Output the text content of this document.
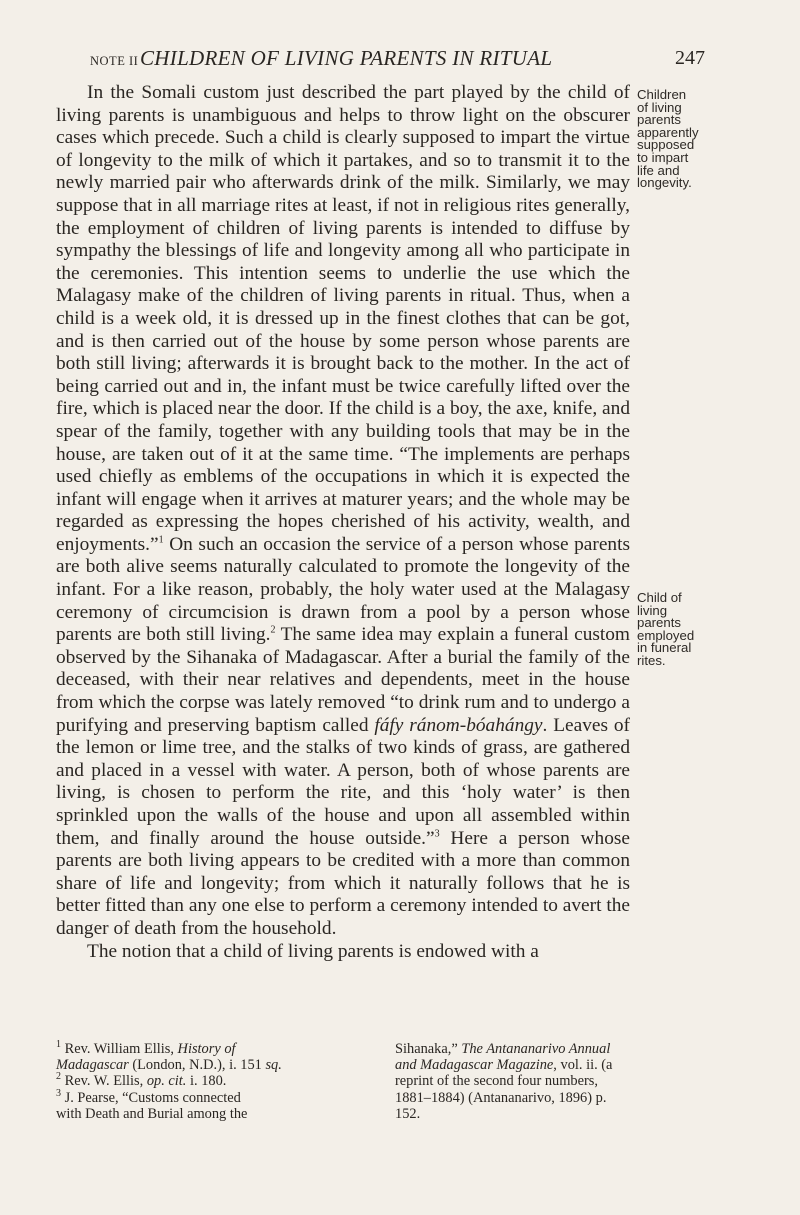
NOTE II CHILDREN OF LIVING PARENTS IN RITUAL	247

In the Somali custom just described the part played by the child of living parents is unambiguous and helps to throw light on the obscurer cases which precede. Such a child is clearly supposed to impart the virtue of longevity to the milk of which it partakes, and so to transmit it to the newly married pair who afterwards drink of the milk. Similarly, we may suppose that in all marriage rites at least, if not in religious rites generally, the employment of children of living parents is intended to diffuse by sympathy the blessings of life and longevity among all who participate in the ceremonies. This intention seems to underlie the use which the Malagasy make of the children of living parents in ritual. Thus, when a child is a week old, it is dressed up in the finest clothes that can be got, and is then carried out of the house by some person whose parents are both still living; afterwards it is brought back to the mother. In the act of being carried out and in, the infant must be twice carefully lifted over the fire, which is placed near the door. If the child is a boy, the axe, knife, and spear of the family, together with any building tools that may be in the house, are taken out of it at the same time. “The implements are perhaps used chiefly as emblems of the occupations in which it is expected the infant will engage when it arrives at maturer years; and the whole may be regarded as expressing the hopes cherished of his activity, wealth, and enjoyments.”$^1$ On such an occasion the service of a person whose parents are both alive seems naturally calculated to promote the longevity of the infant. For a like reason, probably, the holy water used at the Malagasy ceremony of circumcision is drawn from a pool by a person whose parents are both still living.$^2$ The same idea may explain a funeral custom observed by the Sihanaka of Madagascar. After a burial the family of the deceased, with their near relatives and dependents, meet in the house from which the corpse was lately removed “to drink rum and to undergo a purifying and preserving baptism called fáfy ránom-bóahángy. Leaves of the lemon or lime tree, and the stalks of two kinds of grass, are gathered and placed in a vessel with water. A person, both of whose parents are living, is chosen to perform the rite, and this ‘holy water’ is then sprinkled upon the walls of the house and upon all assembled within them, and finally around the house outside.”$^3$ Here a person whose parents are both living appears to be credited with a more than common share of life and longevity; from which it naturally follows that he is better fitted than any one else to perform a ceremony intended to avert the danger of death from the household.

The notion that a child of living parents is endowed with a

Children
of living
parents
apparently
supposed
to impart
life and
longevity.
Child of
living
parents
employed
in funeral
rites.
$^1$ Rev. William Ellis, History of
Madagascar (London, N.D.), i. 151 sq.
$^2$ Rev. W. Ellis, op. cit. i. 180.
$^3$ J. Pearse, “Customs connected
with Death and Burial among the
Sihanaka,” The Antananarivo Annual
and Madagascar Magazine, vol. ii. (a
reprint of the second four numbers,
1881–1884) (Antananarivo, 1896) p.
152.
